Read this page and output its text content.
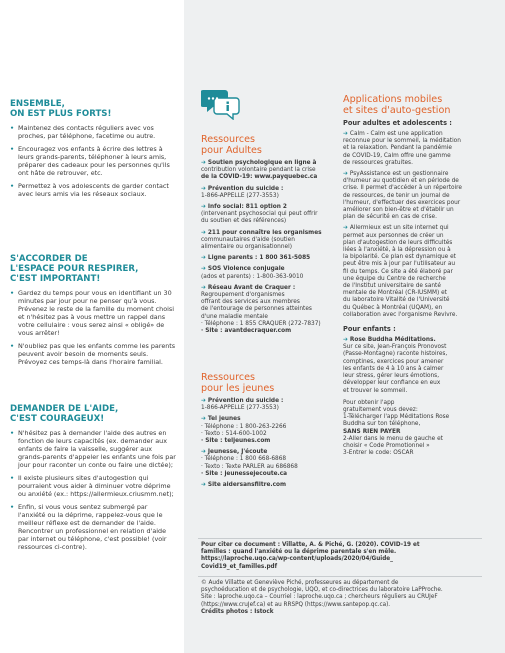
ENSEMBLE,
ON EST PLUS FORTS!
• Maintenez des contacts réguliers avec vos proches, par téléphone, facetime ou autre.
• Encouragez vos enfants à écrire des lettres à leurs grands-parents, téléphoner à leurs amis, préparer des cadeaux pour les personnes qu'ils ont hâte de retrouver, etc.
• Permettez à vos adolescents de garder contact avec leurs amis via les réseaux sociaux.
S'ACCORDER DE
L'ESPACE POUR RESPIRER,
C'EST IMPORTANT!
• Gardez du temps pour vous en identifiant un 30 minutes par jour pour ne penser qu'à vous. Prévenez le reste de la famille du moment choisi et n'hésitez pas à vous mettre un rappel dans votre cellulaire : vous serez ainsi « obligé» de vous arrêter!
• N'oubliez pas que les enfants comme les parents peuvent avoir besoin de moments seuls. Prévoyez ces temps-là dans l'horaire familial.
DEMANDER DE L'AIDE,
C'EST COURAGEUX!
• N'hésitez pas à demander l'aide des autres en fonction de leurs capacités (ex. demander aux enfants de faire la vaisselle, suggérer aux grands-parents d'appeler les enfants une fois par jour pour raconter un conte ou faire une dictée);
• Il existe plusieurs sites d'autogestion qui pourraient vous aider à diminuer votre déprime ou anxiété (ex.: https://allermieux.criusmm.net);
• Enfin, si vous vous sentez submergé par l'anxiété ou la déprime, rappelez-vous que le meilleur réflexe est de demander de l'aide. Rencontrer un professionnel en relation d'aide par internet ou téléphone, c'est possible! (voir ressources ci-contre).
Ressources
pour Adultes
➔ Soutien psychologique en ligne à
contribution volontaire pendant la crise
de la COVID-19: www.payquebec.ca
➔ Prévention du suicide :
1-866-APPELLE (277-3553)
➔ Info social: 811 option 2
(intervenant psychosocial qui peut offrir
du soutien et des références)
➔ 211 pour connaître les organismes
communautaires d'aide (soutien
alimentaire ou organisationnel)
➔ Ligne parents : 1 800 361-5085
➔ SOS Violence conjugale
(ados et parents) : 1-800-363-9010
➔ Réseau Avant de Craquer :
Regroupement d'organismes
offrant des services aux membres
de l'entourage de personnes atteintes
d'une maladie mentale
· Téléphone : 1 855 CRAQUER (272-7837)
· Site : avantdecraquer.com
Ressources
pour les jeunes
➔ Prévention du suicide :
1-866-APPELLE (277-3553)
➔ Tel jeunes
· Téléphone : 1 800-263-2266
· Texto : 514-600-1002
· Site : teljeunes.com
➔ Jeunesse, J'écoute
· Téléphone : 1 800 668-6868
· Texto : Texte PARLER au 686868
· Site : jeunessejecoute.ca
➔ Site aidersansfiltre.com
Applications mobiles
et sites d'auto-gestion
Pour adultes et adolescents :
➔ Calm - Calm est une application
reconnue pour le sommeil, la méditation
et la relaxation. Pendant la pandémie
de COVID-19, Calm offre une gamme
de ressources gratuites.
➔ PsyAssistance est un gestionnaire
d'humeur au quotidien et en période de
crise. Il permet d'accéder à un répertoire
de ressources, de tenir un journal de
l'humeur, d'effectuer des exercices pour
améliorer son bien-être et d'établir un
plan de sécurité en cas de crise.
➔ Allermieux est un site internet qui
permet aux personnes de créer un
plan d'autogestion de leurs difficultés
liées à l'anxiété, à la dépression ou à
la bipolarité. Ce plan est dynamique et
peut être mis à jour par l'utilisateur au
fil du temps. Ce site a été élaboré par
une équipe du Centre de recherche
de l'Institut universitaire de santé
mentale de Montréal (CR-IUSMM) et
du laboratoire Vitalité de l'Université
du Québec à Montréal (UQAM), en
collaboration avec l'organisme Revivre.
Pour enfants :
➔ Rose Buddha Méditations.
Sur ce site, Jean-François Pronovost
(Passe-Montagne) raconte histoires,
comptines, exercices pour amener
les enfants de 4 à 10 ans à calmer
leur stress, gérer leurs émotions,
développer leur confiance en eux
et trouver le sommeil.
Pour obtenir l'app
gratuitement vous devez:
1-Télécharger l'app Méditations Rose
Buddha sur ton téléphone,
SANS RIEN PAYER
2-Aller dans le menu de gauche et
choisir « Code Promotionnel »
3-Entrer le code: OSCAR
Pour citer ce document : Villatte, A. & Piché, G. (2020). COVID-19 et
familles : quand l'anxiété ou la déprime parentale s'en mêle.
https://laproche.uqo.ca/wp-content/uploads/2020/04/Guide_
Covid19_et_familles.pdf
© Aude Villatte et Geneviève Piché, professeures au département de
psychoéducation et de psychologie, UQO, et co-directrices du laboratoire LaPProche.
Site : laproche.uqo.ca – Courriel : laproche.uqo.ca ; chercheurs réguliers au CRUJeF
(https://www.cruJef.ca) et au RRSPQ (https://www.santepop.qc.ca).
Crédits photos : Istock
